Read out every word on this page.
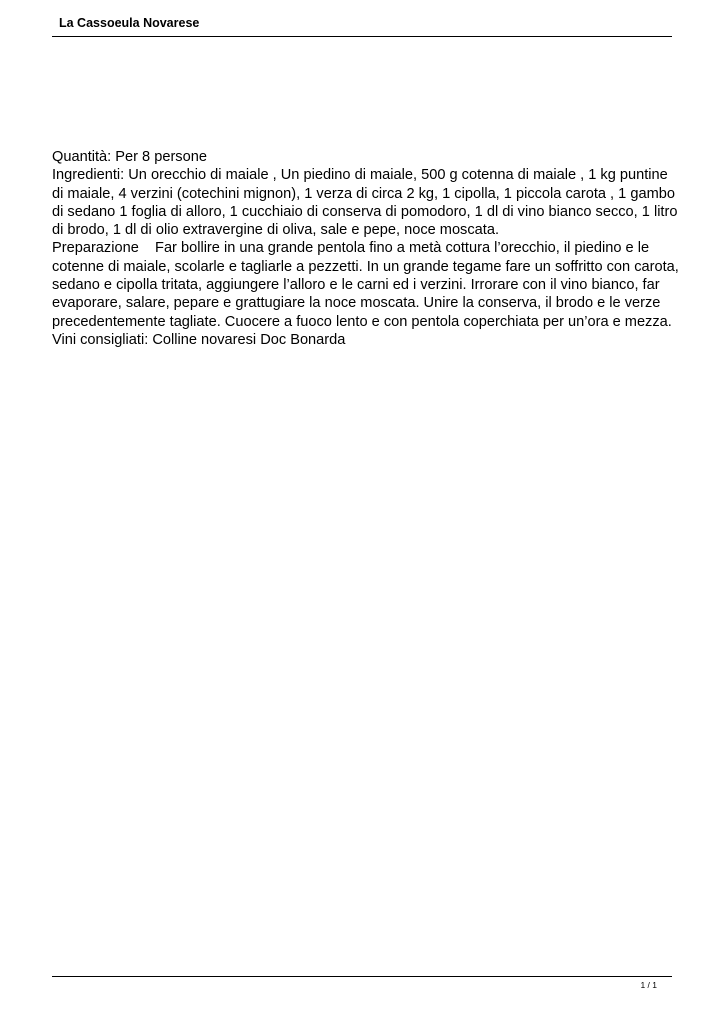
La Cassoeula Novarese

Quantità: Per 8 persone

Ingredienti: Un orecchio di maiale , Un piedino di maiale, 500 g cotenna di maiale , 1 kg puntine di maiale, 4 verzini (cotechini mignon), 1 verza di circa 2 kg, 1 cipolla, 1 piccola carota , 1 gambo di sedano 1 foglia di alloro, 1 cucchiaio di conserva di pomodoro, 1 dl di vino bianco secco, 1 litro di brodo, 1 dl di olio extravergine di oliva, sale e pepe, noce moscata.

Preparazione    Far bollire in una grande pentola fino a metà cottura l’orecchio, il piedino e le cotenne di maiale, scolarle e tagliarle a pezzetti. In un grande tegame fare un soffritto con carota, sedano e cipolla tritata, aggiungere l’alloro e le carni ed i verzini. Irrorare con il vino bianco, far evaporare, salare, pepare e grattugiare la noce moscata. Unire la conserva, il brodo e le verze precedentemente tagliate. Cuocere a fuoco lento e con pentola coperchiata per un’ora e mezza.

Vini consigliati: Colline novaresi Doc Bonarda

1 / 1
